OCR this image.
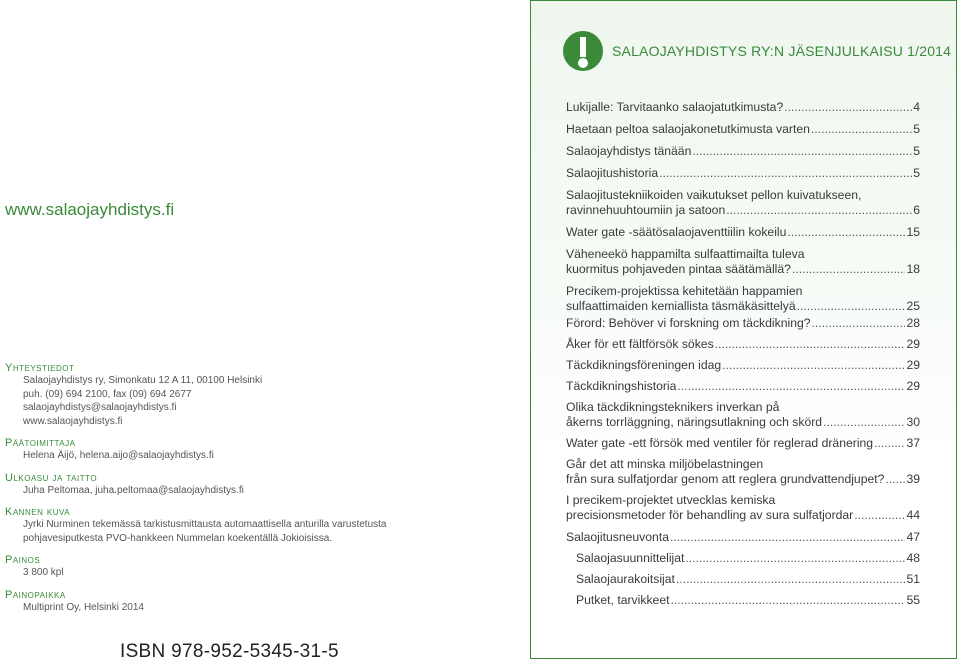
www.salaojayhdistys.fi
Yhteystiedot
Salaojayhdistys ry, Simonkatu 12 A 11, 00100 Helsinki
puh. (09) 694 2100, fax (09) 694 2677
salaojayhdistys@salaojayhdistys.fi
www.salaojayhdistys.fi
Päätoimittaja
Helena Äijö, helena.aijo@salaojayhdistys.fi
Ulkoasu ja taitto
Juha Peltomaa, juha.peltomaa@salaojayhdistys.fi
Kannen kuva
Jyrki Nurminen tekemässä tarkistusmittausta automaattisella anturilla varustetusta
pohjavesiputkesta PVO-hankkeen Nummelan koekentällä Jokioisissa.
Painos
3 800 kpl
Painopaikka
Multiprint Oy, Helsinki 2014
ISBN 978-952-5345-31-5
SALAOJAYHDISTYS RY:N JÄSENJULKAISU 1/2014
Lukijalle: Tarvitaanko salaojatutkimusta? .....	4
Haetaan peltoa salaojakonetutkimusta varten .....	5
Salaojayhdistys tänään .....	5
Salaojitushistoria .....	5
Salaojitustekniikoiden vaikutukset pellon kuivatukseen,
ravinnehuuhtoumiin ja satoon .....	6
Water gate -säätösalaojaventtiilin kokeilu .....	15
Väheneekö happamilta sulfaattimailta tuleva
kuormitus pohjaveden pintaa säätämällä? .....	18
Precikem-projektissa kehitetään happamien
sulfaattimaiden kemiallista täsmäkäsittelyä .....	25
Förord: Behöver vi forskning om täckdikning? .....	28
Åker för ett fältförsök sökes .....	29
Täckdikningsföreningen idag .....	29
Täckdikningshistoria .....	29
Olika täckdikningsteknikers inverkan på
åkerns torrläggning, näringsutlakning och skörd .....	30
Water gate -ett försök med ventiler för reglerad dränering .....	37
Går det att minska miljöbelastningen
från sura sulfatjordar genom att reglera grundvattendjupet? ..... 39
I precikem-projektet utvecklas kemiska
precisionsmetoder för behandling av sura sulfatjordar .....	44
Salaojitusneuvonta .....	47
Salaojasuunnittelijat .....	48
Salaojaurakoitsijat .....	51
Putket, tarvikkeet .....	55
